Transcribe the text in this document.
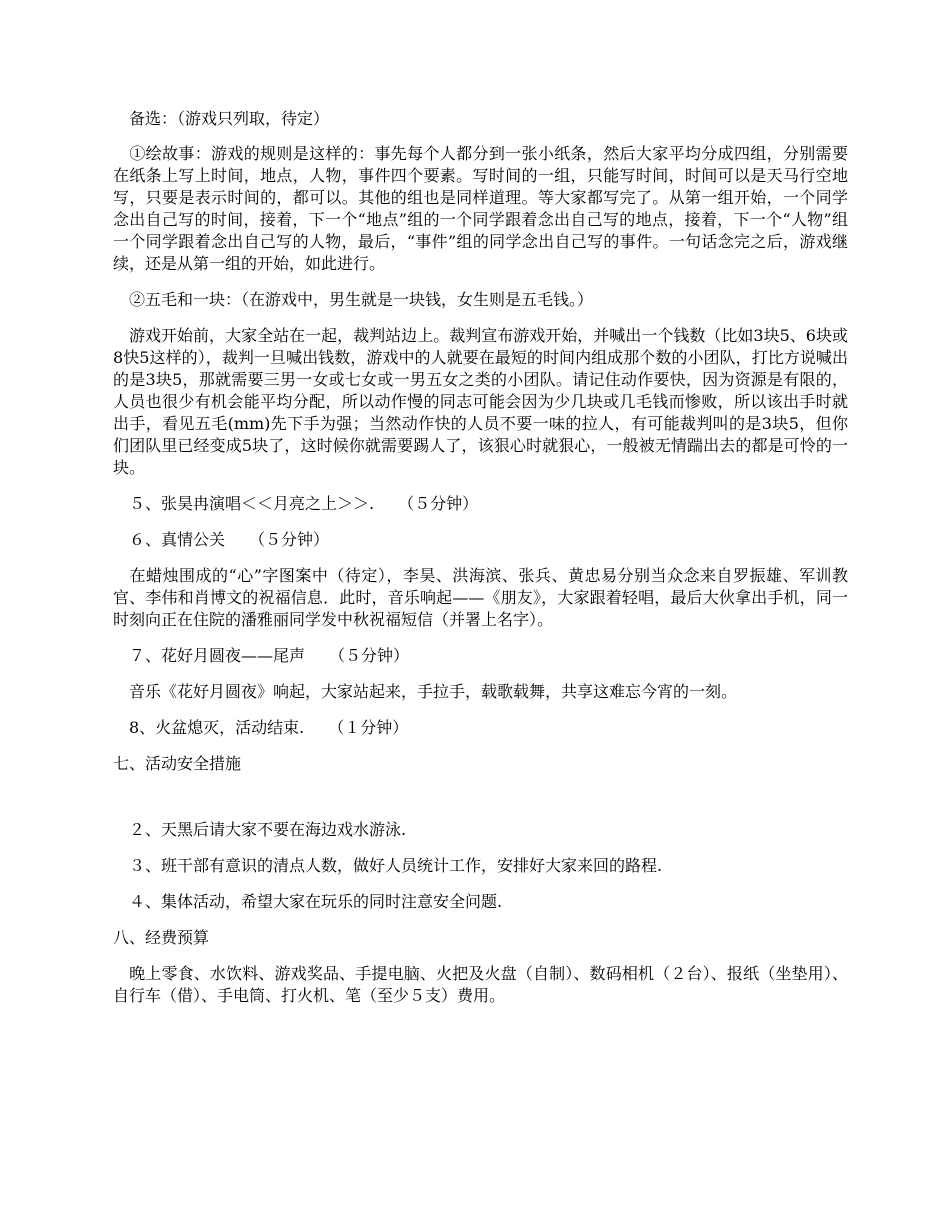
　备选：（游戏只列取，待定）

　①绘故事：游戏的规则是这样的：事先每个人都分到一张小纸条，然后大家平均分成四组，分别需要在纸条上写上时间，地点，人物，事件四个要素。写时间的一组，只能写时间，时间可以是天马行空地写，只要是表示时间的，都可以。其他的组也是同样道理。等大家都写完了。从第一组开始，一个同学念出自己写的时间，接着，下一个“地点”组的一个同学跟着念出自己写的地点，接着，下一个“人物”组一个同学跟着念出自己写的人物，最后，“事件”组的同学念出自己写的事件。一句话念完之后，游戏继续，还是从第一组的开始，如此进行。

　②五毛和一块：（在游戏中，男生就是一块钱，女生则是五毛钱。）

　游戏开始前，大家全站在一起，裁判站边上。裁判宣布游戏开始，并喊出一个钱数（比如3块5、6块或8快5这样的），裁判一旦喊出钱数，游戏中的人就要在最短的时间内组成那个数的小团队，打比方说喊出的是3块5，那就需要三男一女或七女或一男五女之类的小团队。请记住动作要快，因为资源是有限的，人员也很少有机会能平均分配，所以动作慢的同志可能会因为少几块或几毛钱而惨败，所以该出手时就出手，看见五毛(mm)先下手为强；当然动作快的人员不要一味的拉人，有可能裁判叫的是3块5，但你们团队里已经变成5块了，这时候你就需要踢人了，该狠心时就狠心，一般被无情踹出去的都是可怜的一块。

　５、张昊冉演唱＜＜月亮之上＞＞.　　（５分钟）

　６、真情公关　　（５分钟）

　在蜡烛围成的“心”字图案中（待定），李昊、洪海滨、张兵、黄忠易分别当众念来自罗振雄、军训教官、李伟和肖博文的祝福信息．此时，音乐响起——《朋友》，大家跟着轻唱，最后大伙拿出手机，同一时刻向正在住院的潘雅丽同学发中秋祝福短信（并署上名字）。

　７、花好月圆夜——尾声　　（５分钟）

　音乐《花好月圆夜》响起，大家站起来，手拉手，载歌载舞，共享这难忘今宵的一刻。

　8、火盆熄灭，活动结束.　　（１分钟）

七、活动安全措施

　２、天黑后请大家不要在海边戏水游泳.

　３、班干部有意识的清点人数，做好人员统计工作，安排好大家来回的路程.

　４、集体活动，希望大家在玩乐的同时注意安全问题.

八、经费预算

　晚上零食、水饮料、游戏奖品、手提电脑、火把及火盘（自制）、数码相机（２台）、报纸（坐垫用）、自行车（借）、手电筒、打火机、笔（至少５支）费用。
